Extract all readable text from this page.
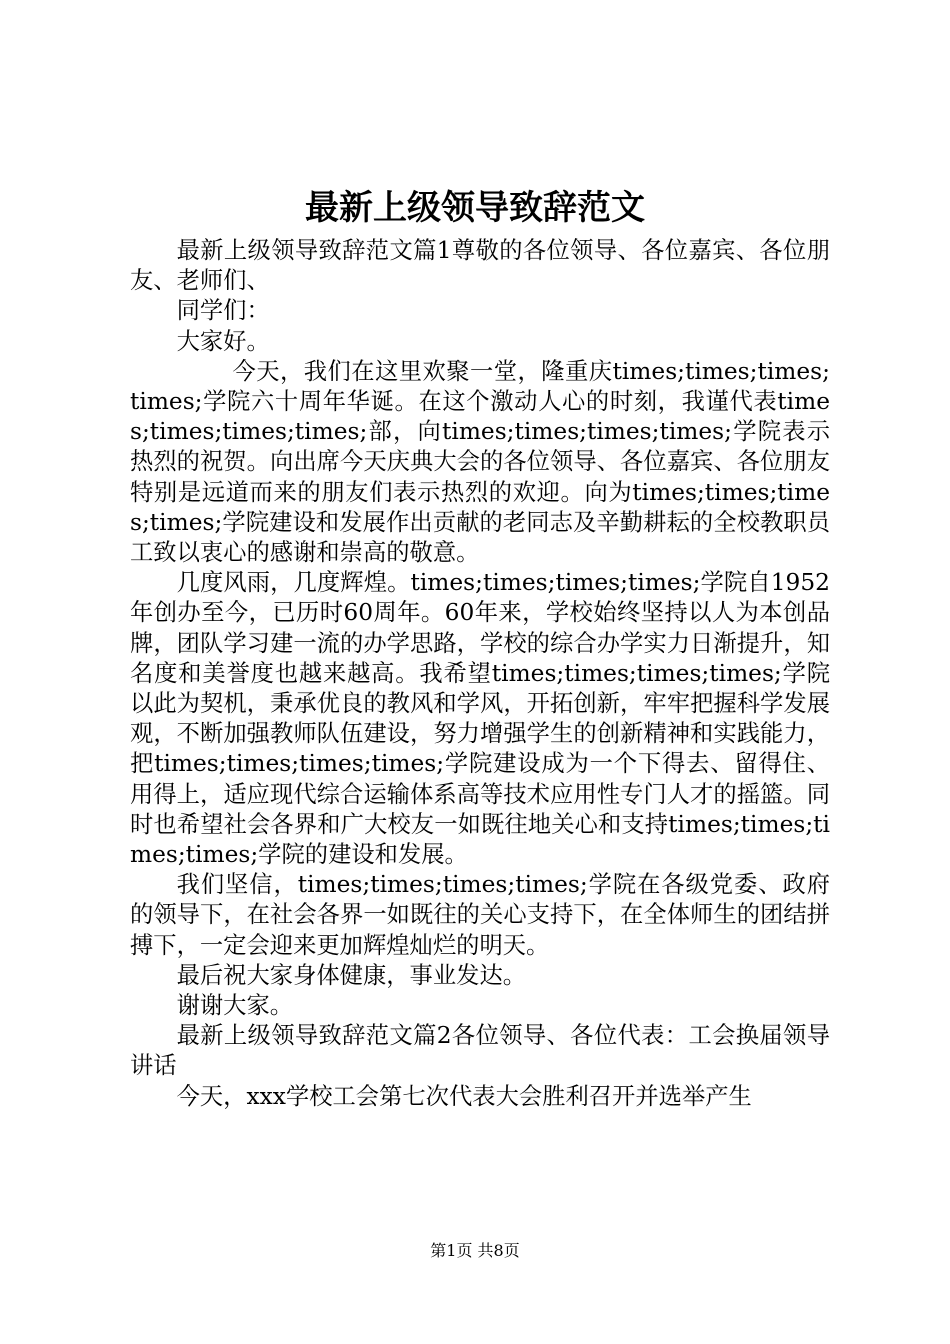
最新上级领导致辞范文

最新上级领导致辞范文篇1尊敬的各位领导、各位嘉宾、各位朋友、老师们、

同学们：

大家好。

今天，我们在这里欢聚一堂，隆重庆times;times;times;times;学院六十周年华诞。在这个激动人心的时刻，我谨代表times;times;times;times;部，向times;times;times;times;学院表示热烈的祝贺。向出席今天庆典大会的各位领导、各位嘉宾、各位朋友特别是远道而来的朋友们表示热烈的欢迎。向为times;times;times;times;学院建设和发展作出贡献的老同志及辛勤耕耘的全校教职员工致以衷心的感谢和崇高的敬意。

几度风雨，几度辉煌。times;times;times;times;学院自1952年创办至今，已历时60周年。60年来，学校始终坚持以人为本创品牌，团队学习建一流的办学思路，学校的综合办学实力日渐提升，知名度和美誉度也越来越高。我希望times;times;times;times;学院以此为契机，秉承优良的教风和学风，开拓创新，牢牢把握科学发展观，不断加强教师队伍建设，努力增强学生的创新精神和实践能力，把times;times;times;times;学院建设成为一个下得去、留得住、用得上，适应现代综合运输体系高等技术应用性专门人才的摇篮。同时也希望社会各界和广大校友一如既往地关心和支持times;times;times;times;学院的建设和发展。

我们坚信，times;times;times;times;学院在各级党委、政府的领导下，在社会各界一如既往的关心支持下，在全体师生的团结拼搏下，一定会迎来更加辉煌灿烂的明天。

最后祝大家身体健康，事业发达。

谢谢大家。

最新上级领导致辞范文篇2各位领导、各位代表：工会换届领导讲话

今天，xxx学校工会第七次代表大会胜利召开并选举产生

第1页 共8页
